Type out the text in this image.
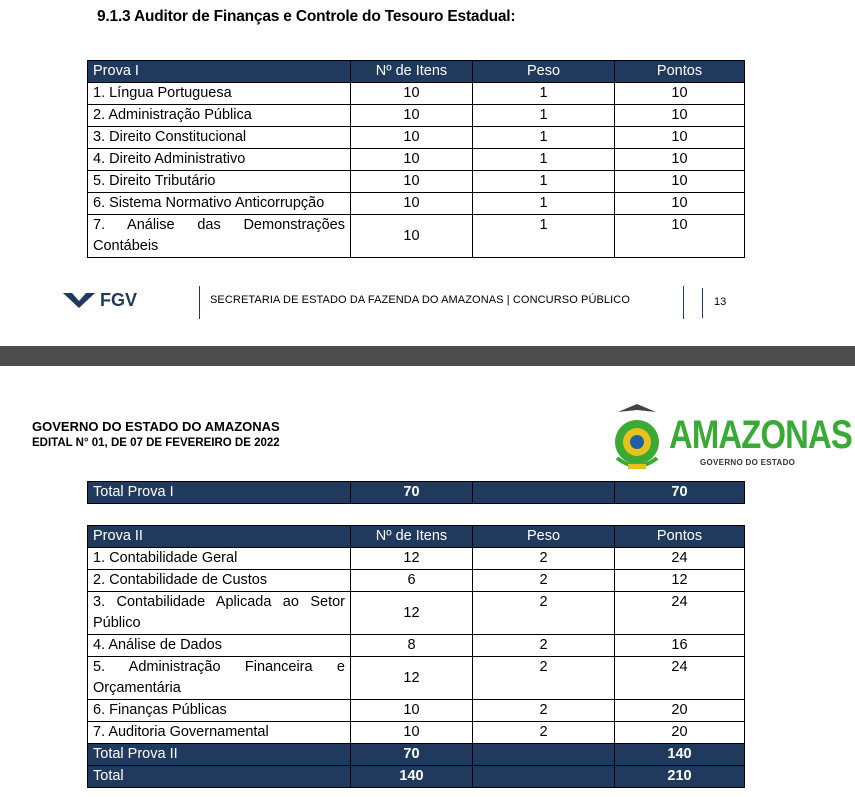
9.1.3 Auditor de Finanças e Controle do Tesouro Estadual:
Prova I	Nº de Itens	Peso	Pontos
1. Língua Portuguesa	10	1	10
2. Administração Pública	10	1	10
3. Direito Constitucional	10	1	10
4. Direito Administrativo	10	1	10
5. Direito Tributário	10	1	10
6. Sistema Normativo Anticorrupção	10	1	10
7. Análise das Demonstrações Contábeis	10	1	10
FGV	SECRETARIA DE ESTADO DA FAZENDA DO AMAZONAS | CONCURSO PÚBLICO	13
GOVERNO DO ESTADO DO AMAZONAS
EDITAL N° 01, DE 07 DE FEVEREIRO DE 2022	AMAZONAS
GOVERNO DO ESTADO
Total Prova I	70		70
Prova II	Nº de Itens	Peso	Pontos
1. Contabilidade Geral	12	2	24
2. Contabilidade de Custos	6	2	12
3. Contabilidade Aplicada ao Setor Público	12	2	24
4. Análise de Dados	8	2	16
5. Administração Financeira e Orçamentária	12	2	24
6. Finanças Públicas	10	2	20
7. Auditoria Governamental	10	2	20
Total Prova II	70		140
Total	140		210
